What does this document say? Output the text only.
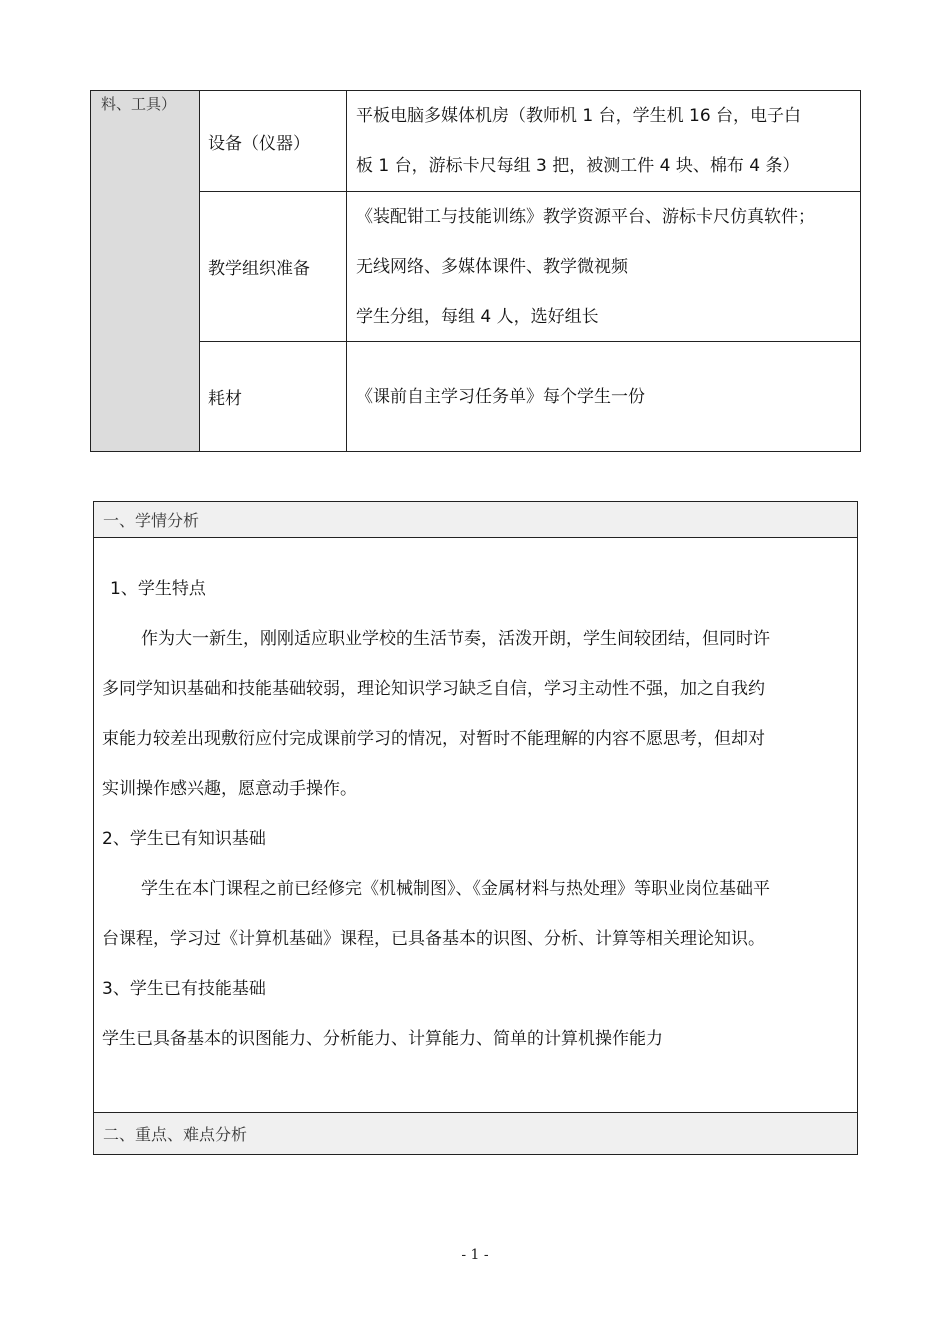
料、工具）
设备（仪器）
平板电脑多媒体机房（教师机 1 台，学生机 16 台，电子白
板 1 台，游标卡尺每组 3 把，被测工件 4 块、棉布 4 条）
教学组织准备
《装配钳工与技能训练》教学资源平台、游标卡尺仿真软件；
无线网络、多媒体课件、教学微视频
学生分组，每组 4 人，选好组长
耗材	《课前自主学习任务单》每个学生一份
一、学情分析
1、学生特点
作为大一新生，刚刚适应职业学校的生活节奏，活泼开朗，学生间较团结，但同时许
多同学知识基础和技能基础较弱，理论知识学习缺乏自信，学习主动性不强，加之自我约
束能力较差出现敷衍应付完成课前学习的情况，对暂时不能理解的内容不愿思考，但却对
实训操作感兴趣，愿意动手操作。
2、学生已有知识基础
学生在本门课程之前已经修完《机械制图》、《金属材料与热处理》等职业岗位基础平
台课程，学习过《计算机基础》课程，已具备基本的识图、分析、计算等相关理论知识。
3、学生已有技能基础
学生已具备基本的识图能力、分析能力、计算能力、简单的计算机操作能力
二、重点、难点分析
- 1 -
